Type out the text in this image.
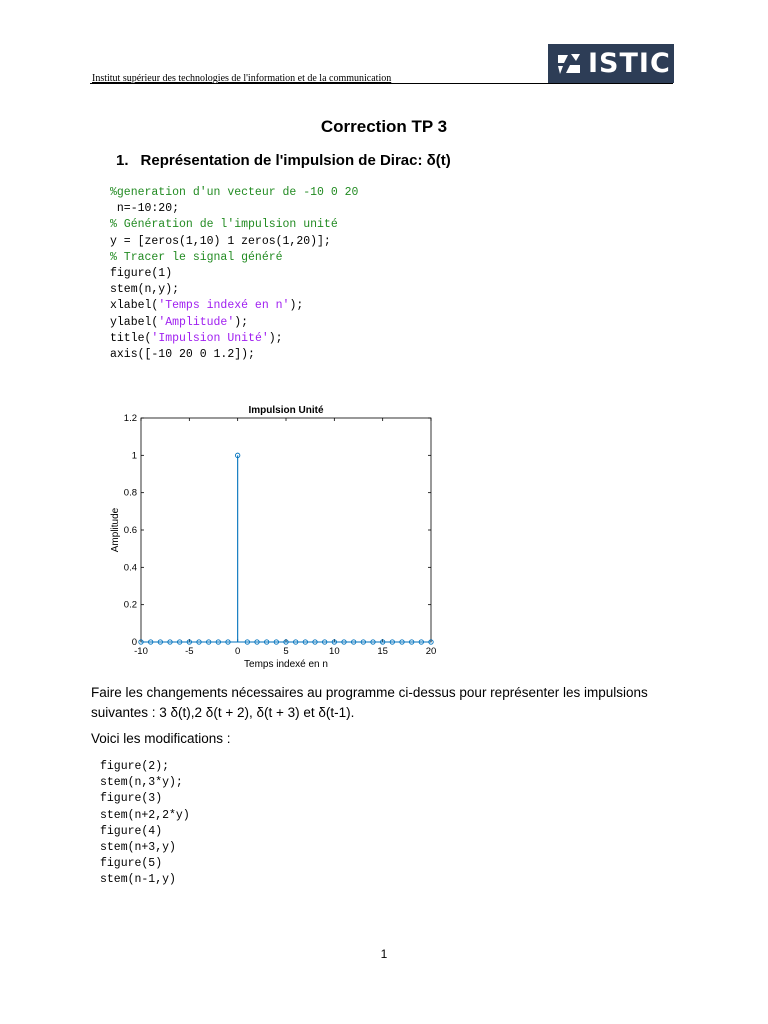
Institut supérieur des technologies de l'information et de la communication	ISTIC
Correction TP 3
1. Représentation de l'impulsion de Dirac: δ(t)
%generation d'un vecteur de -10 0 20
n=-10:20;
% Génération de l'impulsion unité
y = [zeros(1,10) 1 zeros(1,20)];
% Tracer le signal généré
figure(1)
stem(n,y);
xlabel('Temps indexé en n');
ylabel('Amplitude');
title('Impulsion Unité');
axis([-10 20 0 1.2]);
Impulsion Unité
-10	-5	0	5	10	15	20
0
0.2
0.4
0.6
0.8
1
1.2
Temps indexé en n
Amplitude
Faire les changements nécessaires au programme ci-dessus pour représenter les impulsions suivantes : 3 δ(t),2 δ(t + 2), δ(t + 3) et δ(t-1).
Voici les modifications :
figure(2);
stem(n,3*y);
figure(3)
stem(n+2,2*y)
figure(4)
stem(n+3,y)
figure(5)
stem(n-1,y)
1
